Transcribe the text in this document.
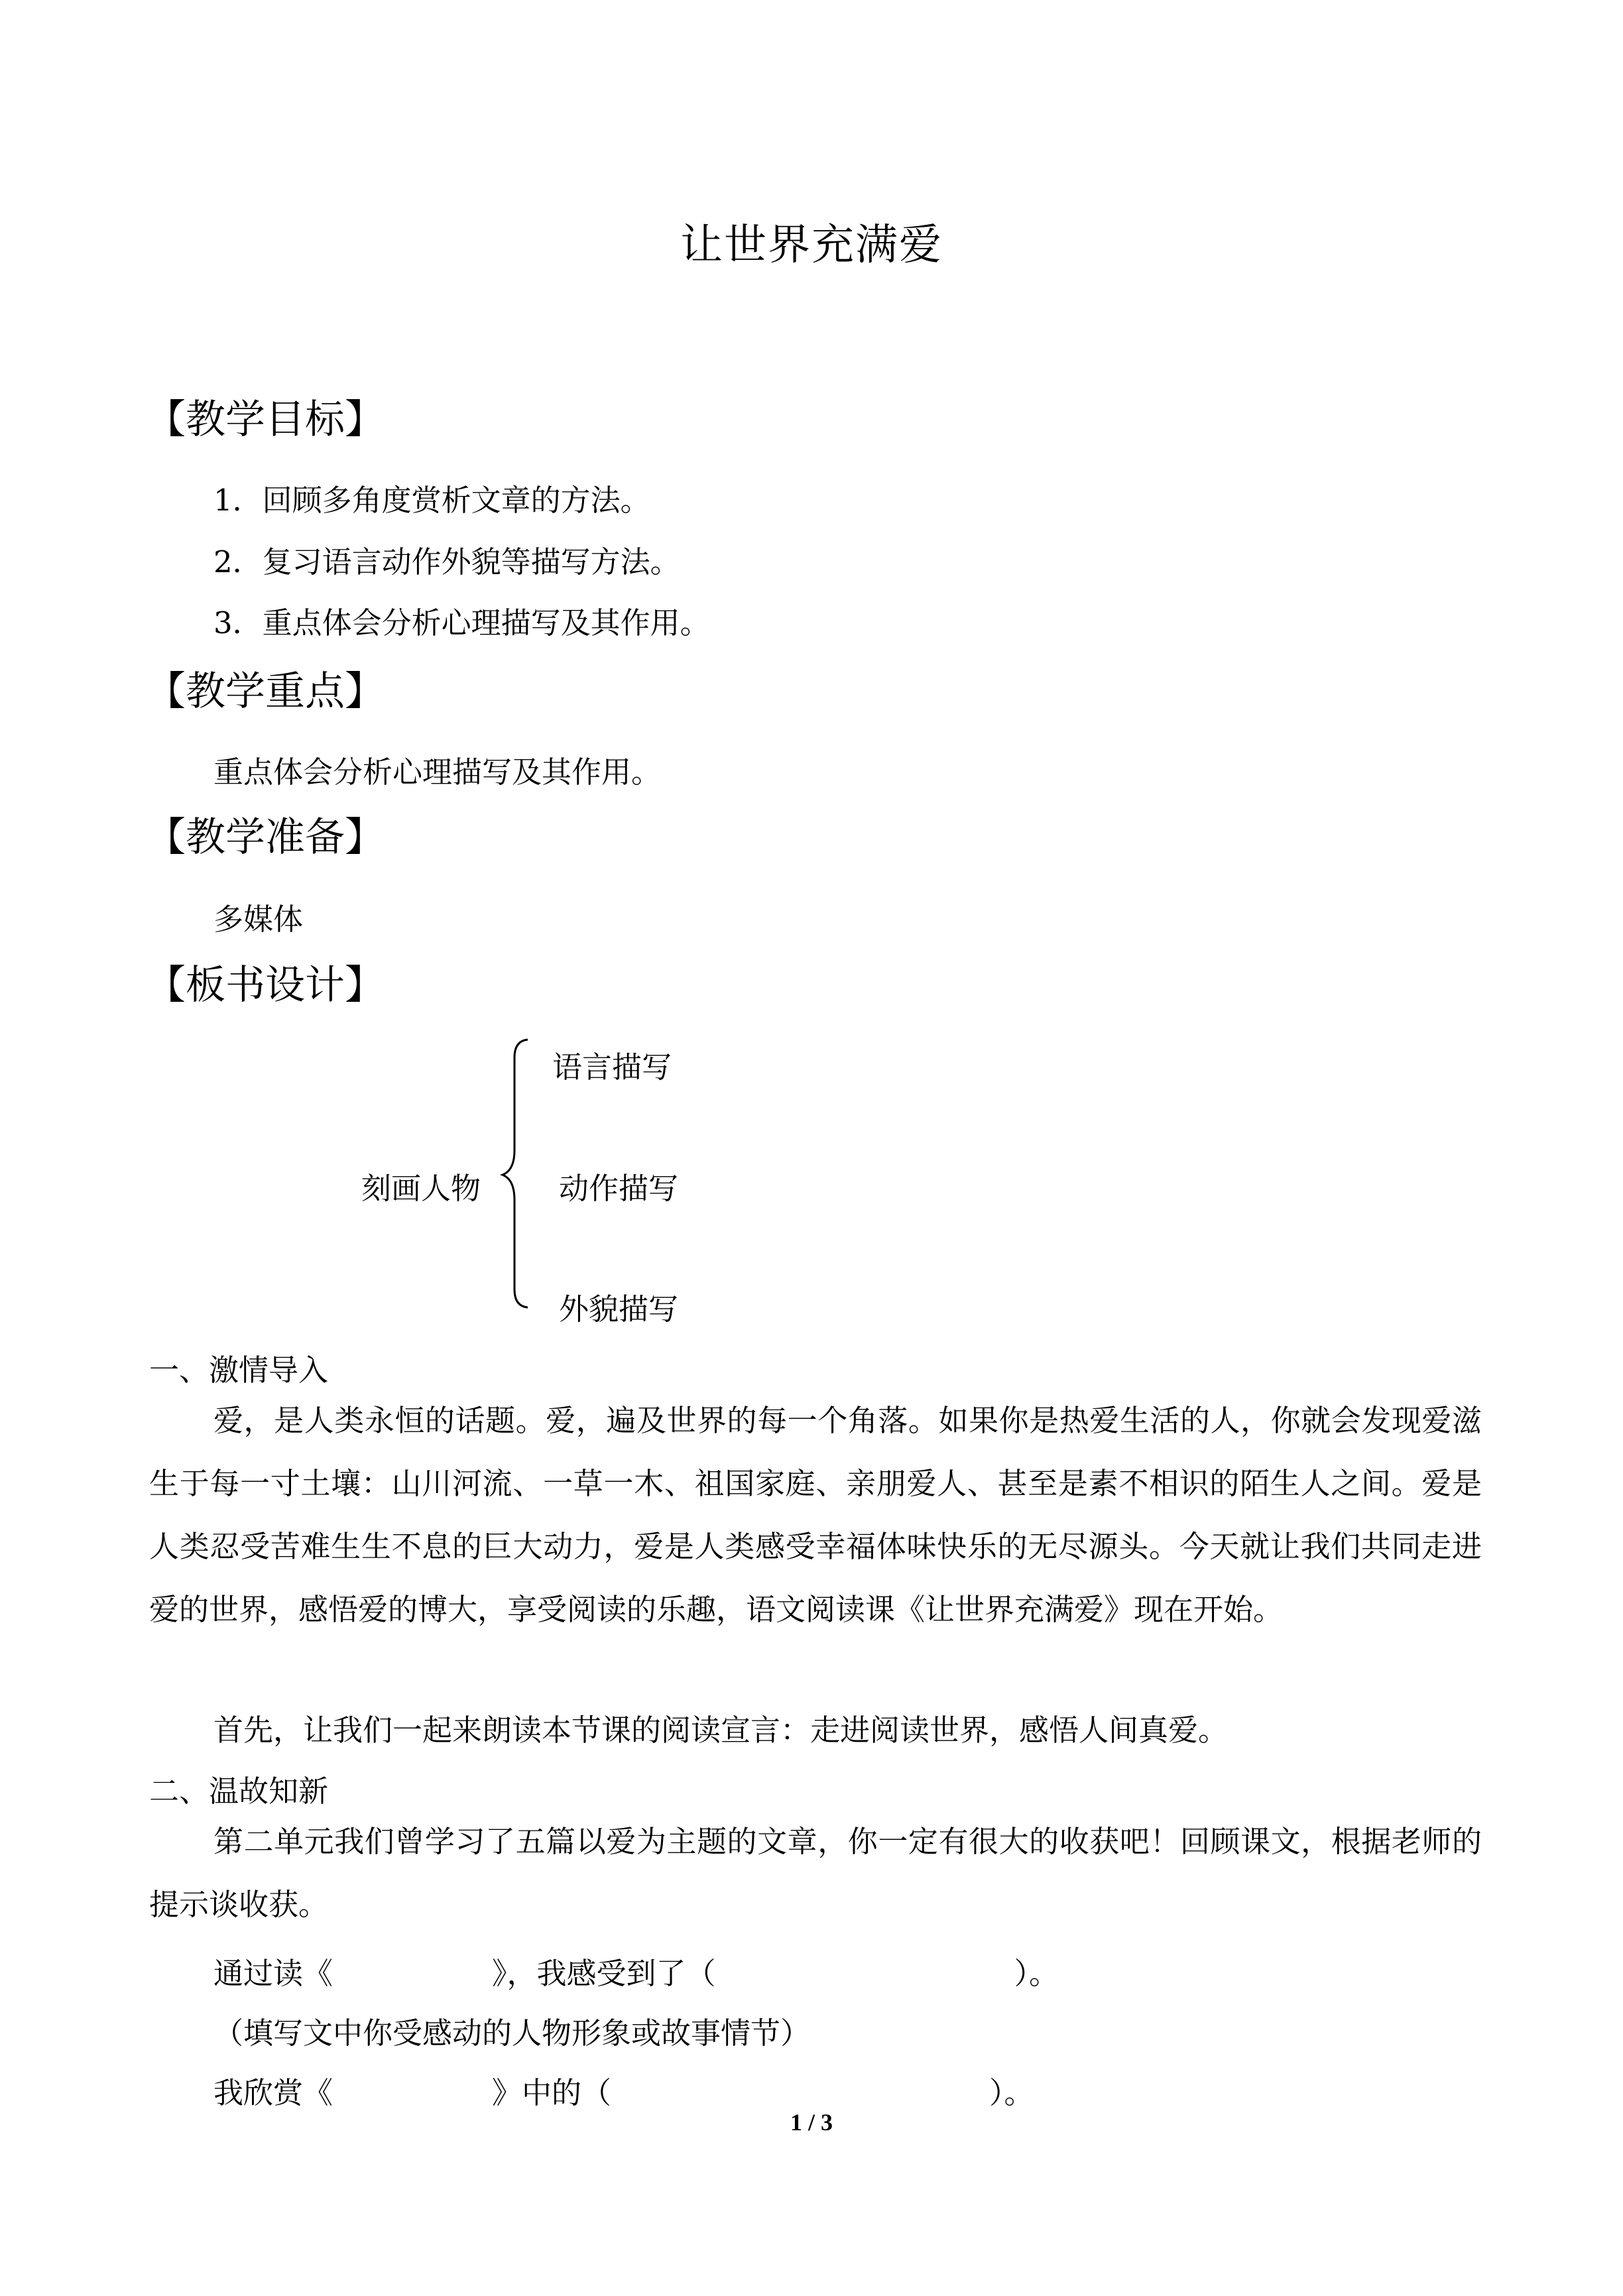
让世界充满爱
【教学目标】
1．回顾多角度赏析文章的方法。
2．复习语言动作外貌等描写方法。
3．重点体会分析心理描写及其作用。
【教学重点】
重点体会分析心理描写及其作用。
【教学准备】
多媒体
【板书设计】
刻画人物
语言描写
动作描写
外貌描写
一、激情导入
爱，是人类永恒的话题。爱，遍及世界的每一个角落。如果你是热爱生活的人，你就会发现爱滋生于每一寸土壤：山川河流、一草一木、祖国家庭、亲朋爱人、甚至是素不相识的陌生人之间。爱是人类忍受苦难生生不息的巨大动力，爱是人类感受幸福体味快乐的无尽源头。今天就让我们共同走进爱的世界，感悟爱的博大，享受阅读的乐趣，语文阅读课《让世界充满爱》现在开始。
首先，让我们一起来朗读本节课的阅读宣言：走进阅读世界，感悟人间真爱。
二、温故知新
第二单元我们曾学习了五篇以爱为主题的文章，你一定有很大的收获吧！回顾课文，根据老师的提示谈收获。
通过读《	》，我感受到了（	）。
（填写文中你受感动的人物形象或故事情节）
我欣赏《	》中的（	）。
1 / 3
